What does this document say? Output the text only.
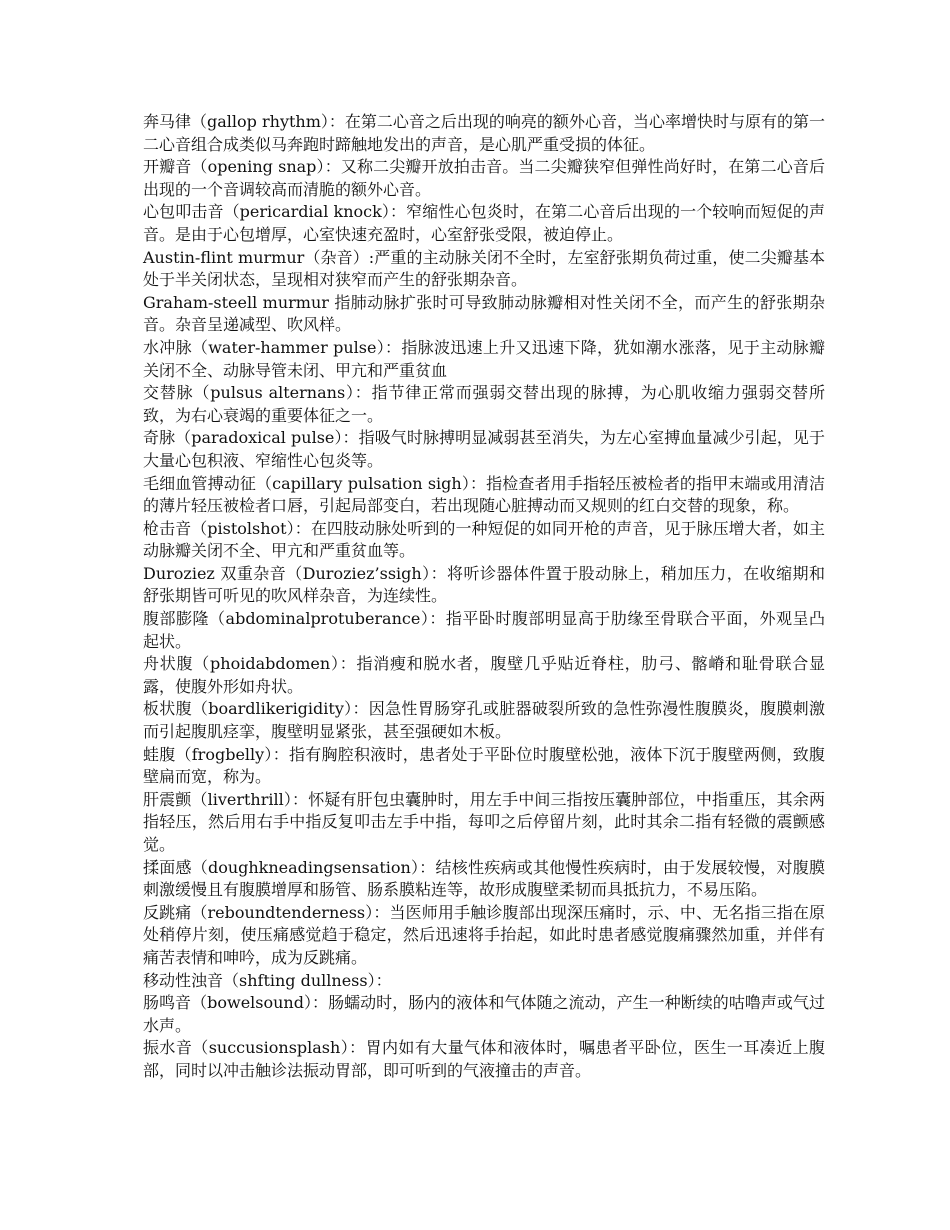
奔马律（gallop rhythm）：在第二心音之后出现的响亮的额外心音，当心率增快时与原有的第一二心音组合成类似马奔跑时蹄触地发出的声音，是心肌严重受损的体征。

开瓣音（opening snap）：又称二尖瓣开放拍击音。当二尖瓣狭窄但弹性尚好时，在第二心音后出现的一个音调较高而清脆的额外心音。

心包叩击音（pericardial knock）：窄缩性心包炎时，在第二心音后出现的一个较响而短促的声音。是由于心包增厚，心室快速充盈时，心室舒张受限，被迫停止。

Austin-flint murmur（杂音）:严重的主动脉关闭不全时，左室舒张期负荷过重，使二尖瓣基本处于半关闭状态，呈现相对狭窄而产生的舒张期杂音。

Graham-steell murmur 指肺动脉扩张时可导致肺动脉瓣相对性关闭不全，而产生的舒张期杂音。杂音呈递减型、吹风样。

水冲脉（water-hammer pulse）：指脉波迅速上升又迅速下降，犹如潮水涨落，见于主动脉瓣关闭不全、动脉导管未闭、甲亢和严重贫血

交替脉（pulsus alternans）：指节律正常而强弱交替出现的脉搏，为心肌收缩力强弱交替所致，为右心衰竭的重要体征之一。

奇脉（paradoxical pulse）：指吸气时脉搏明显减弱甚至消失，为左心室搏血量减少引起，见于大量心包积液、窄缩性心包炎等。

毛细血管搏动征（capillary pulsation sigh）：指检查者用手指轻压被检者的指甲末端或用清洁的薄片轻压被检者口唇，引起局部变白，若出现随心脏搏动而又规则的红白交替的现象，称。

枪击音（pistolshot）：在四肢动脉处听到的一种短促的如同开枪的声音，见于脉压增大者，如主动脉瓣关闭不全、甲亢和严重贫血等。

Duroziez 双重杂音（Duroziez’ssigh）：将听诊器体件置于股动脉上，稍加压力，在收缩期和舒张期皆可听见的吹风样杂音，为连续性。

腹部膨隆（abdominalprotuberance）：指平卧时腹部明显高于肋缘至骨联合平面，外观呈凸起状。

舟状腹（phoidabdomen）：指消瘦和脱水者，腹壁几乎贴近脊柱，肋弓、髂嵴和耻骨联合显露，使腹外形如舟状。

板状腹（boardlikerigidity）：因急性胃肠穿孔或脏器破裂所致的急性弥漫性腹膜炎，腹膜刺激而引起腹肌痉挛，腹壁明显紧张，甚至强硬如木板。

蛙腹（frogbelly）：指有胸腔积液时，患者处于平卧位时腹壁松弛，液体下沉于腹壁两侧，致腹壁扁而宽，称为。

肝震颤（liverthrill）：怀疑有肝包虫囊肿时，用左手中间三指按压囊肿部位，中指重压，其余两指轻压，然后用右手中指反复叩击左手中指，每叩之后停留片刻，此时其余二指有轻微的震颤感觉。

揉面感（doughkneadingsensation）：结核性疾病或其他慢性疾病时，由于发展较慢，对腹膜刺激缓慢且有腹膜增厚和肠管、肠系膜粘连等，故形成腹壁柔韧而具抵抗力，不易压陷。

反跳痛（reboundtenderness）：当医师用手触诊腹部出现深压痛时，示、中、无名指三指在原处稍停片刻，使压痛感觉趋于稳定，然后迅速将手抬起，如此时患者感觉腹痛骤然加重，并伴有痛苦表情和呻吟，成为反跳痛。

移动性浊音（shfting dullness）：

肠鸣音（bowelsound）：肠蠕动时，肠内的液体和气体随之流动，产生一种断续的咕噜声或气过水声。

振水音（succusionsplash）：胃内如有大量气体和液体时，嘱患者平卧位，医生一耳凑近上腹部，同时以冲击触诊法振动胃部，即可听到的气液撞击的声音。
